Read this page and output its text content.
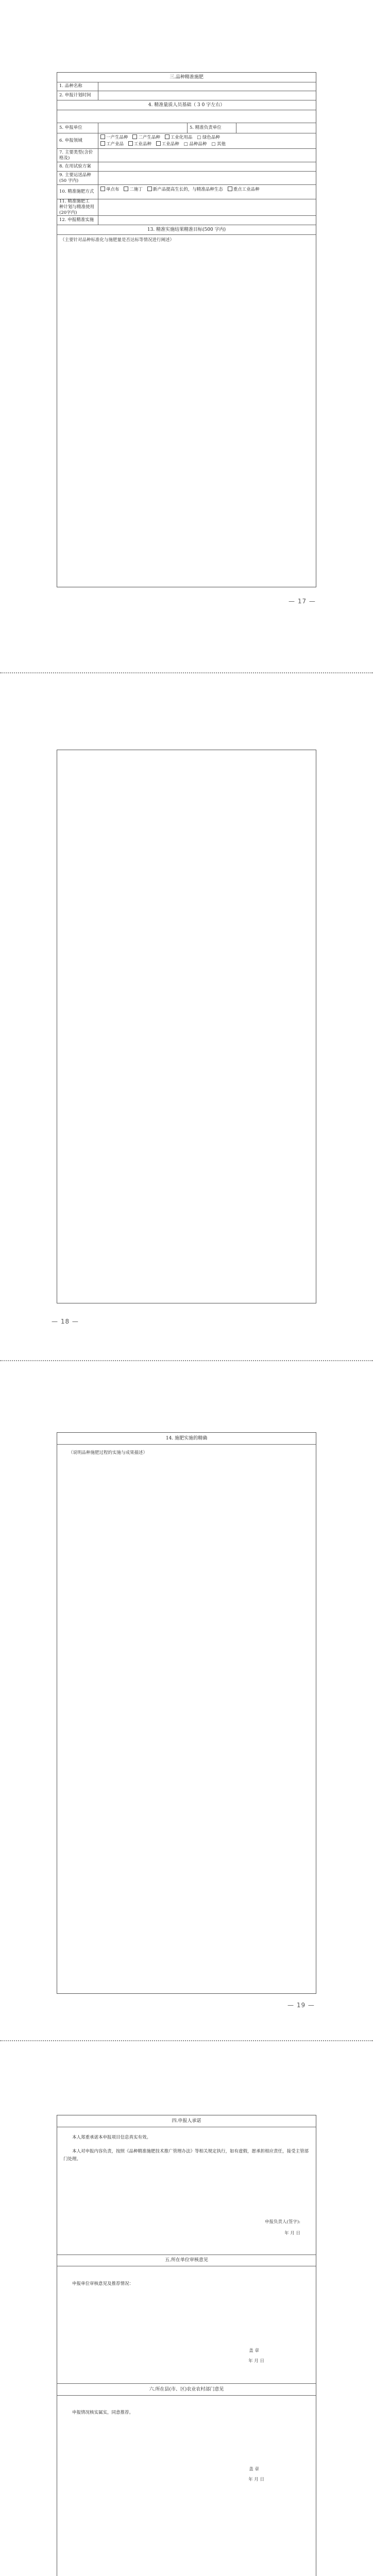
三.品种精准施肥
1. 品种名称
2. 申报计划时间
4. 精准量质人员基础（ 3 0 字左右）
5. 申报单位	5. 精准负责单位
6. 申报领域
一产生品种 二产生品种 工业化用品 □ 绿色品种
工产业品 工业品种 工业品种 □ 品种品种 □ 其他
7. 主要类型(含价
格及)
8. 在用试验方案
9. 主要运送品种
(50 字内)
10. 精准施肥方式	单点布 二施丁 新产品提高生长的，与精准品种生态 重点工业品种
11. 精准施肥工
种计划与精准使用
(20字内)
12. 申报精准实施
13. 精准实施结果精准目标(500 字内)
（主要针对品种标准化与施肥量是否达标等情况进行阐述）
— 17 —
— 18 —
14. 施肥实施的精确
（说明品种施肥过程的实施与成果描述）
— 19 —
四.申报人承诺
本人郑重承诺本申报项目信息真实有效。
本人对申报内容负责，按照《品种精准施肥技术推广管理办法》等相关规定执行，如有虚假，愿承担相应责任，接受主管部门处理。
申报负责人(签字):
年 月 日
五.所在单位审核意见
申报单位审核意见及推荐情况：
盖 章
年 月 日
六.所在县(市、区)农业农村部门意见
申报情况核实属实，同意推荐。
盖 章
年 月 日
